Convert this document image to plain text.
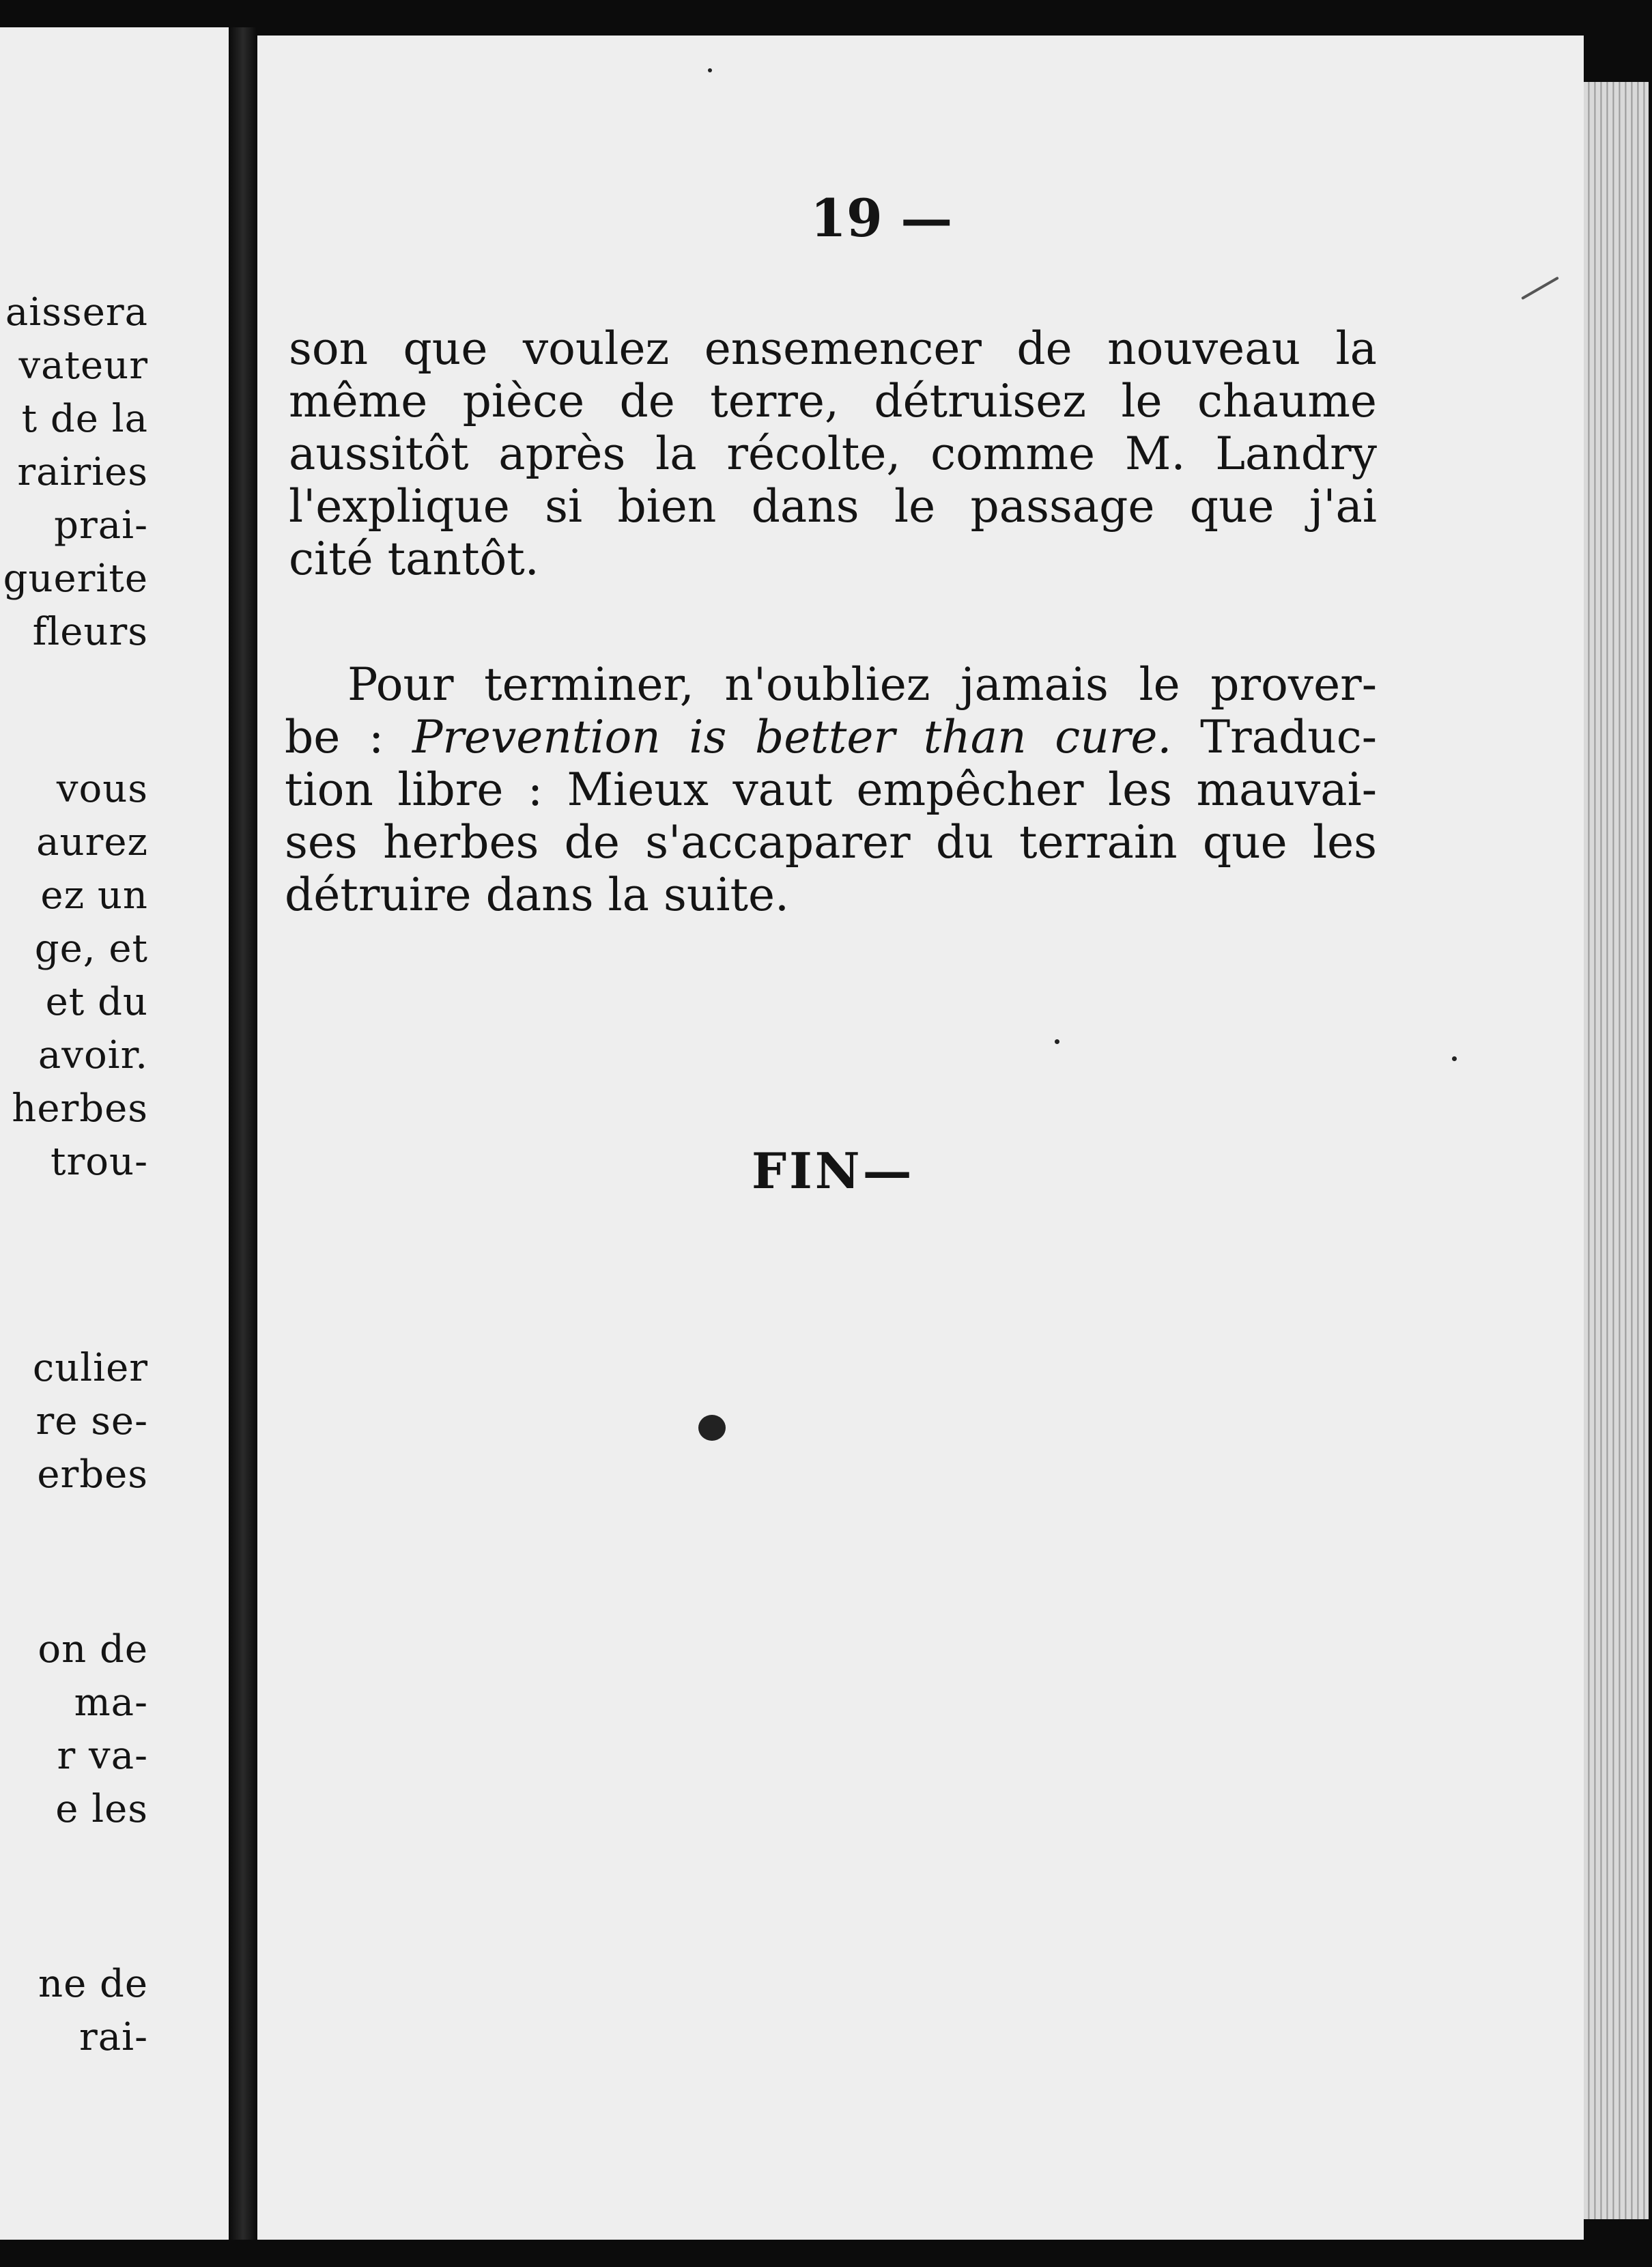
aissera
vateur
t de la
rairies
prai-
guerite
fleurs
vous
aurez
ez un
ge, et
et du
avoir.
herbes
trou-
culier
re se-
erbes
on de
ma-
r va-
e les
ne de
rai-
19 —
son que voulez ensemencer de nouveau la
même pièce de terre, détruisez le chaume
aussitôt après la récolte, comme M. Landry
l'explique si bien dans le passage que j'ai
cité tantôt.
Pour terminer, n'oubliez jamais le prover-
be : Prevention is better than cure. Traduc-
tion libre : Mieux vaut empêcher les mauvai-
ses herbes de s'accaparer du terrain que les
détruire dans la suite.
FIN—
